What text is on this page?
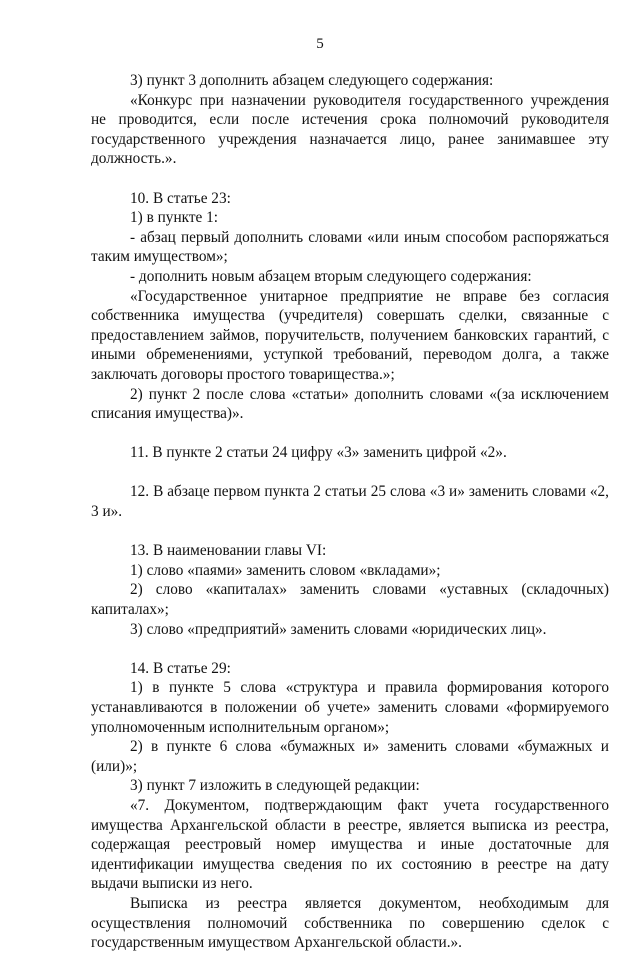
5

3) пункт 3 дополнить абзацем следующего содержания:

«Конкурс при назначении руководителя государственного учреждения не проводится, если после истечения срока полномочий руководителя государственного учреждения назначается лицо, ранее занимавшее эту должность.».

10. В статье 23:

1) в пункте 1:

- абзац первый дополнить словами «или иным способом распоряжаться таким имуществом»;

- дополнить новым абзацем вторым следующего содержания:

«Государственное унитарное предприятие не вправе без согласия собственника имущества (учредителя) совершать сделки, связанные с предоставлением займов, поручительств, получением банковских гарантий, с иными обременениями, уступкой требований, переводом долга, а также заключать договоры простого товарищества.»;

2) пункт 2 после слова «статьи» дополнить словами «(за исключением списания имущества)».

11. В пункте 2 статьи 24 цифру «3» заменить цифрой «2».

12. В абзаце первом пункта 2 статьи 25 слова «3 и» заменить словами «2, 3 и».

13. В наименовании главы VI:

1) слово «паями» заменить словом «вкладами»;

2) слово «капиталах» заменить словами «уставных (складочных) капиталах»;

3) слово «предприятий» заменить словами «юридических лиц».

14. В статье 29:

1) в пункте 5 слова «структура и правила формирования которого устанавливаются в положении об учете» заменить словами «формируемого уполномоченным исполнительным органом»;

2) в пункте 6 слова «бумажных и» заменить словами «бумажных и (или)»;

3) пункт 7 изложить в следующей редакции:

«7. Документом, подтверждающим факт учета государственного имущества Архангельской области в реестре, является выписка из реестра, содержащая реестровый номер имущества и иные достаточные для идентификации имущества сведения по их состоянию в реестре на дату выдачи выписки из него.

Выписка из реестра является документом, необходимым для осуществления полномочий собственника по совершению сделок с государственным имуществом Архангельской области.».
